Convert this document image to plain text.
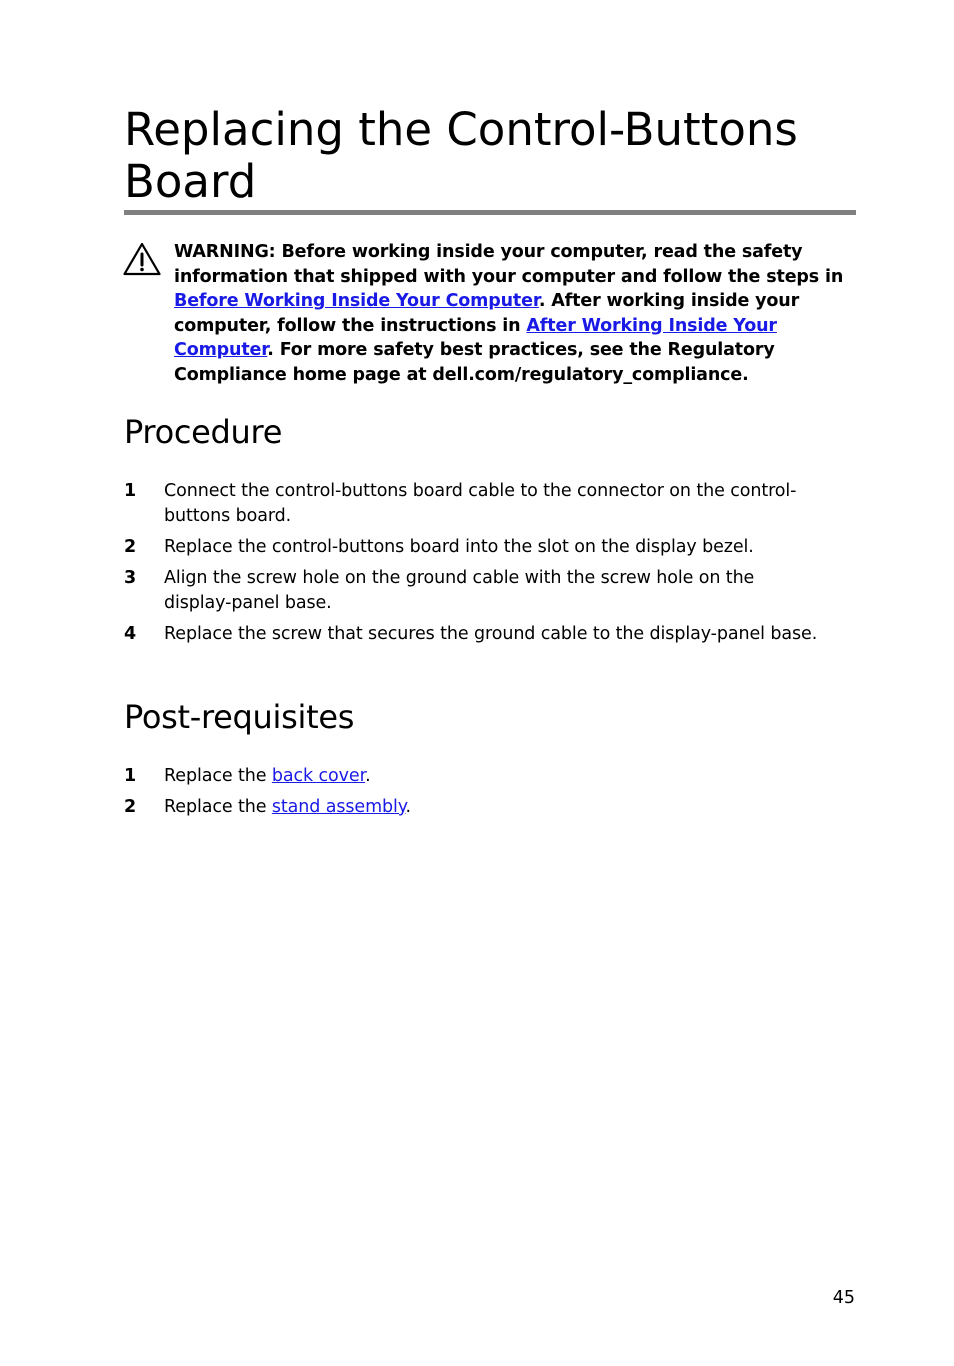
Replacing the Control-Buttons Board

WARNING: Before working inside your computer, read the safety information that shipped with your computer and follow the steps in Before Working Inside Your Computer. After working inside your computer, follow the instructions in After Working Inside Your Computer. For more safety best practices, see the Regulatory Compliance home page at dell.com/regulatory_compliance.

Procedure
1 Connect the control-buttons board cable to the connector on the control-buttons board.
2 Replace the control-buttons board into the slot on the display bezel.
3 Align the screw hole on the ground cable with the screw hole on the display-panel base.
4 Replace the screw that secures the ground cable to the display-panel base.
Post-requisites
1 Replace the back cover.
2 Replace the stand assembly.
45
